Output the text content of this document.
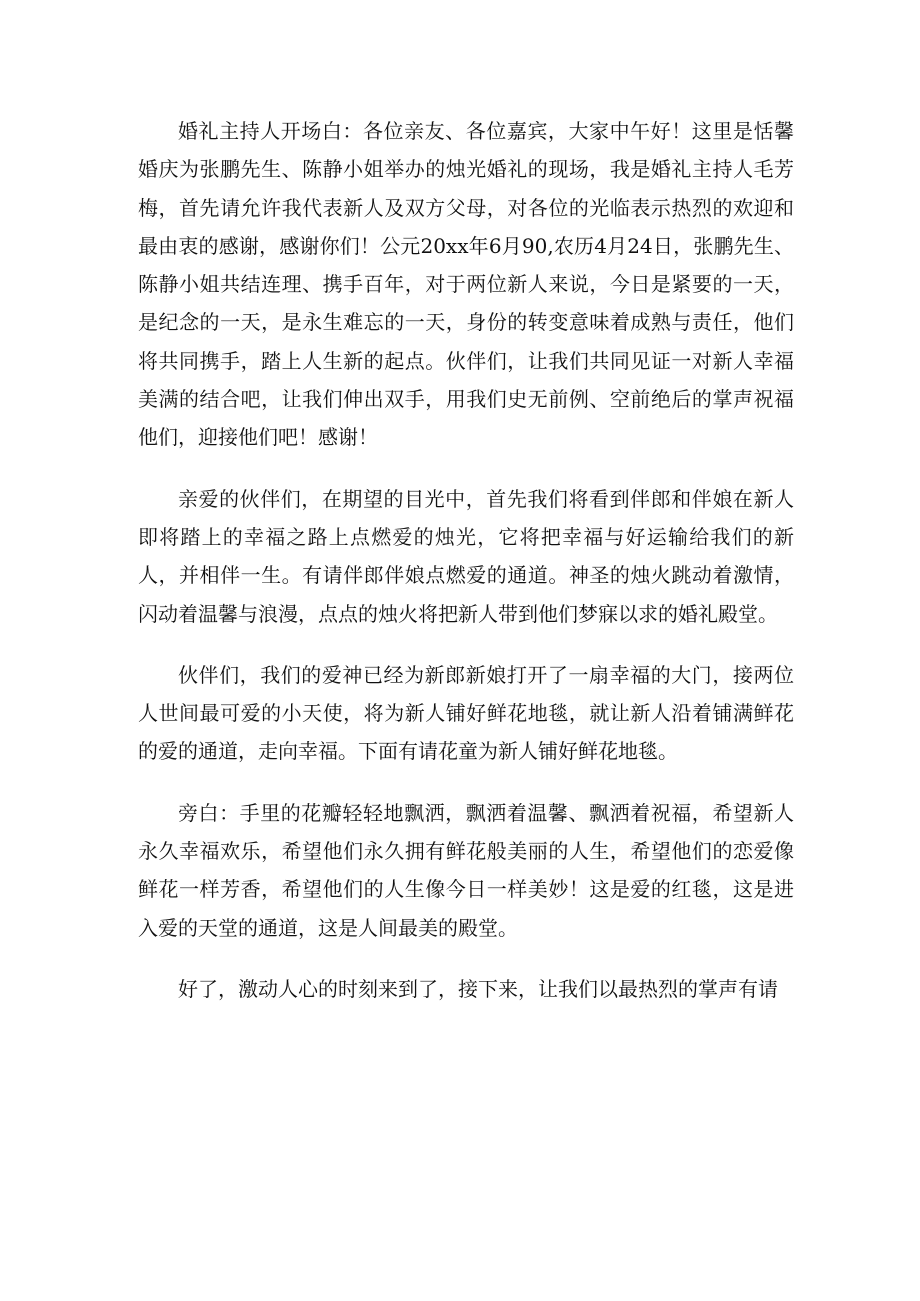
婚礼主持人开场白：各位亲友、各位嘉宾，大家中午好！这里是恬馨婚庆为张鹏先生、陈静小姐举办的烛光婚礼的现场，我是婚礼主持人毛芳梅，首先请允许我代表新人及双方父母，对各位的光临表示热烈的欢迎和最由衷的感谢，感谢你们！公元20xx年6月90,农历4月24日，张鹏先生、陈静小姐共结连理、携手百年，对于两位新人来说，今日是紧要的一天，是纪念的一天，是永生难忘的一天，身份的转变意味着成熟与责任，他们将共同携手，踏上人生新的起点。伙伴们，让我们共同见证一对新人幸福美满的结合吧，让我们伸出双手，用我们史无前例、空前绝后的掌声祝福他们，迎接他们吧！感谢！

亲爱的伙伴们，在期望的目光中，首先我们将看到伴郎和伴娘在新人即将踏上的幸福之路上点燃爱的烛光，它将把幸福与好运输给我们的新人，并相伴一生。有请伴郎伴娘点燃爱的通道。神圣的烛火跳动着激情，闪动着温馨与浪漫，点点的烛火将把新人带到他们梦寐以求的婚礼殿堂。

伙伴们，我们的爱神已经为新郎新娘打开了一扇幸福的大门，接两位人世间最可爱的小天使，将为新人铺好鲜花地毯，就让新人沿着铺满鲜花的爱的通道，走向幸福。下面有请花童为新人铺好鲜花地毯。

旁白：手里的花瓣轻轻地飘洒，飘洒着温馨、飘洒着祝福，希望新人永久幸福欢乐，希望他们永久拥有鲜花般美丽的人生，希望他们的恋爱像鲜花一样芳香，希望他们的人生像今日一样美妙！这是爱的红毯，这是进入爱的天堂的通道，这是人间最美的殿堂。

好了，激动人心的时刻来到了，接下来，让我们以最热烈的掌声有请
